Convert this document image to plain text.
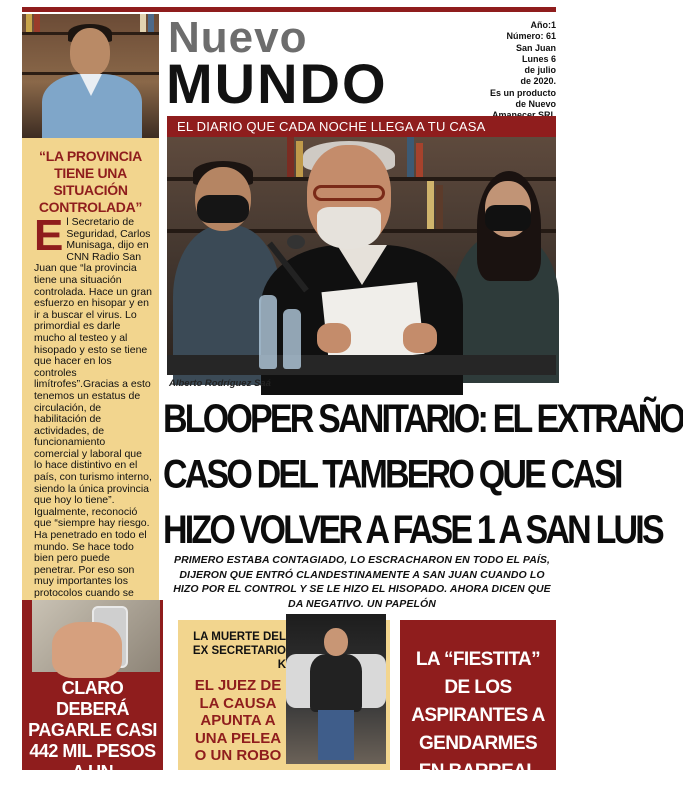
Nuevo
MUNDO
Año:1
Número: 61
San Juan
Lunes 6
de julio
de 2020.
Es un producto
de Nuevo
EL DIARIO QUE CADA NOCHE LLEGA A TU CASA
“LA PROVINCIA TIENE UNA SITUACIÓN CONTROLADA”
El Secretario de Seguridad, Carlos Munisaga, dijo en CNN Radio San Juan que “la provincia tiene una situación controlada. Hace un gran esfuerzo en hisopar y en ir a buscar el virus. Lo primordial es darle mucho al testeo y al hisopado y esto se tiene que hacer en los controles limítrofes”.Gracias a esto tenemos un estatus de circulación, de habilitación de actividades, de funcionamiento comercial y laboral que lo hace distintivo en el país, con turismo interno, siendo la única provincia que hoy lo tiene”. Igualmente, reconoció que “siempre hay riesgo. Ha penetrado en todo el mundo. Se hace todo bien pero puede penetrar. Por eso son muy importantes los protocolos cuando se
Alberto Rodríguez Saá
BLOOPER SANITARIO: EL EXTRAÑO
CASO DEL TAMBERO QUE CASI
HIZO VOLVER A FASE 1 A SAN LUIS
PRIMERO ESTABA CONTAGIADO, LO ESCRACHARON EN TODO EL PAÍS, DIJERON QUE ENTRÓ CLANDESTINAMENTE A SAN JUAN CUANDO LO HIZO POR EL CONTROL Y SE LE HIZO EL HISOPADO. AHORA DICEN QUE DA NEGATIVO. UN PAPELÓN
CLARO DEBERÁ PAGARLE CASI 442 MIL PESOS A UN SANJUANINO
LA MUERTE DEL EX SECRETARIO K
EL JUEZ DE LA CAUSA APUNTA A UNA PELEA O UN ROBO
LA “FIESTITA” DE LOS ASPIRANTES A GENDARMES EN BARREAL
